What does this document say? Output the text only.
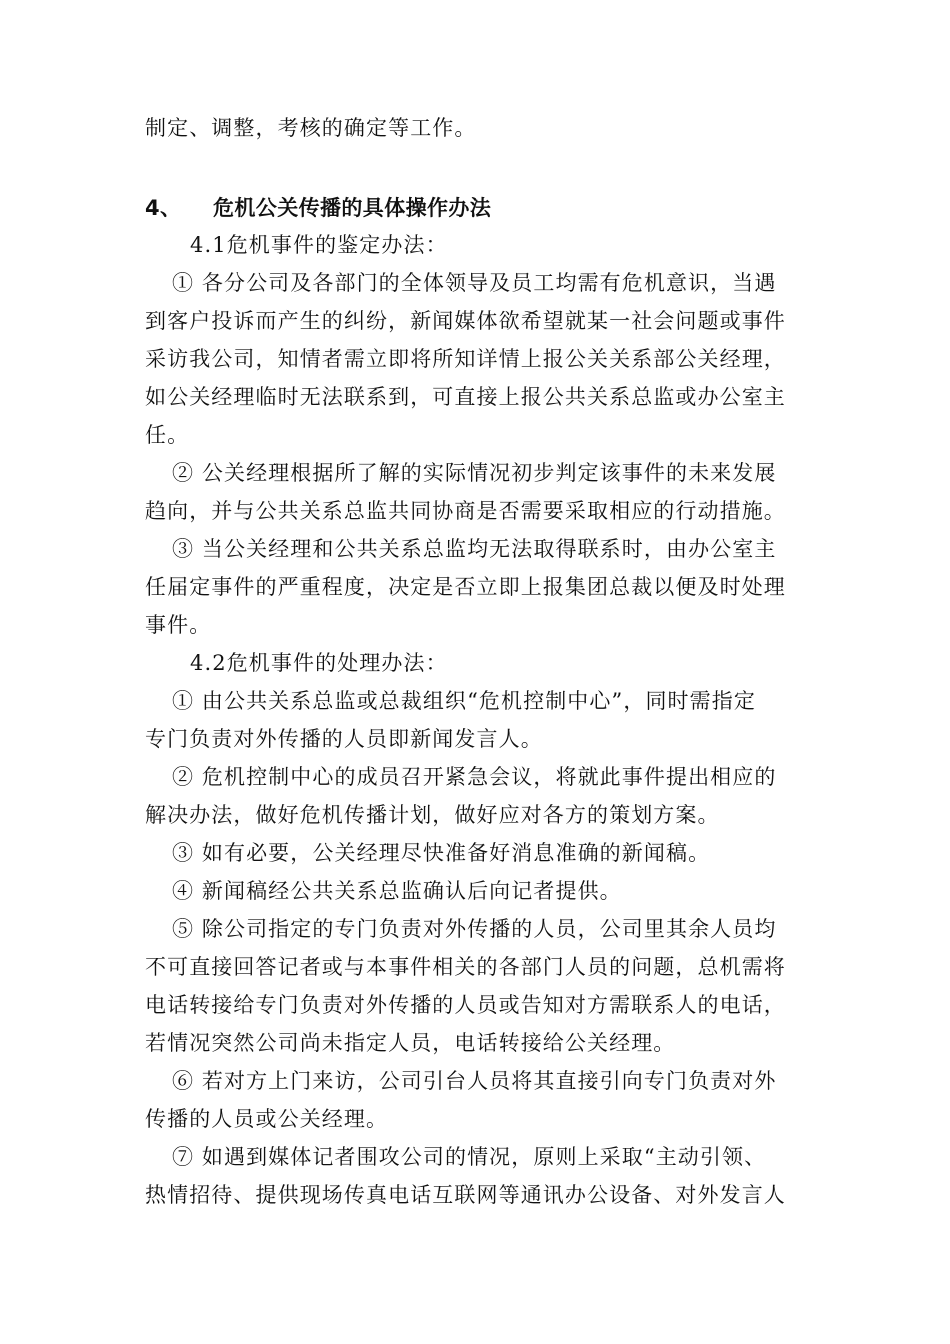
制定、调整，考核的确定等工作。
4、 危机公关传播的具体操作办法
4.1危机事件的鉴定办法：
① 各分公司及各部门的全体领导及员工均需有危机意识，当遇
到客户投诉而产生的纠纷，新闻媒体欲希望就某一社会问题或事件
采访我公司，知情者需立即将所知详情上报公关关系部公关经理，
如公关经理临时无法联系到，可直接上报公共关系总监或办公室主
任。
② 公关经理根据所了解的实际情况初步判定该事件的未来发展
趋向，并与公共关系总监共同协商是否需要采取相应的行动措施。
③ 当公关经理和公共关系总监均无法取得联系时，由办公室主
任届定事件的严重程度，决定是否立即上报集团总裁以便及时处理
事件。
4.2危机事件的处理办法：
① 由公共关系总监或总裁组织“危机控制中心”，同时需指定
专门负责对外传播的人员即新闻发言人。
② 危机控制中心的成员召开紧急会议，将就此事件提出相应的
解决办法，做好危机传播计划，做好应对各方的策划方案。
③ 如有必要，公关经理尽快准备好消息准确的新闻稿。
④ 新闻稿经公共关系总监确认后向记者提供。
⑤ 除公司指定的专门负责对外传播的人员，公司里其余人员均
不可直接回答记者或与本事件相关的各部门人员的问题，总机需将
电话转接给专门负责对外传播的人员或告知对方需联系人的电话，
若情况突然公司尚未指定人员，电话转接给公关经理。
⑥ 若对方上门来访，公司引台人员将其直接引向专门负责对外
传播的人员或公关经理。
⑦ 如遇到媒体记者围攻公司的情况，原则上采取“主动引领、
热情招待、提供现场传真电话互联网等通讯办公设备、对外发言人
